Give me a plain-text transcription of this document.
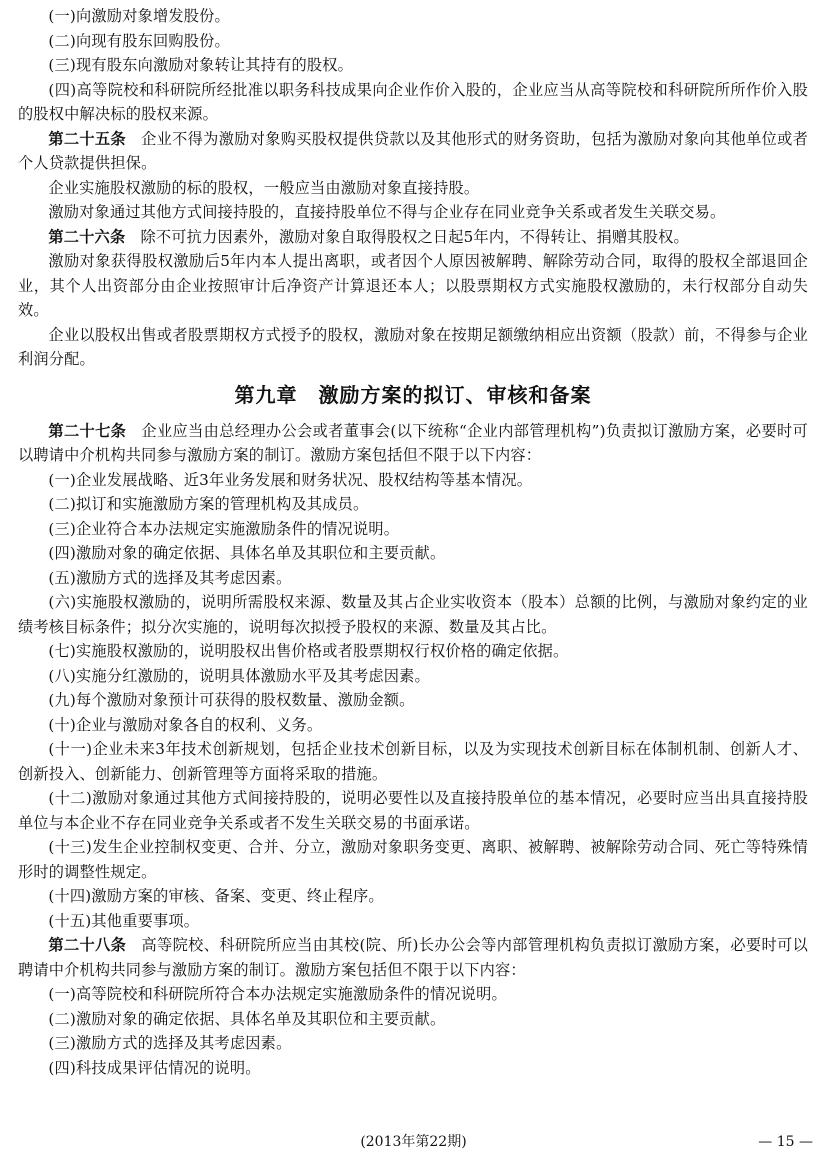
(一)向激励对象增发股份。

(二)向现有股东回购股份。

(三)现有股东向激励对象转让其持有的股权。

(四)高等院校和科研院所经批准以职务科技成果向企业作价入股的，企业应当从高等院校和科研院所所作价入股的股权中解决标的股权来源。

第二十五条 企业不得为激励对象购买股权提供贷款以及其他形式的财务资助，包括为激励对象向其他单位或者个人贷款提供担保。

企业实施股权激励的标的股权，一般应当由激励对象直接持股。

激励对象通过其他方式间接持股的，直接持股单位不得与企业存在同业竞争关系或者发生关联交易。

第二十六条 除不可抗力因素外，激励对象自取得股权之日起5年内，不得转让、捐赠其股权。

激励对象获得股权激励后5年内本人提出离职，或者因个人原因被解聘、解除劳动合同，取得的股权全部退回企业，其个人出资部分由企业按照审计后净资产计算退还本人；以股票期权方式实施股权激励的，未行权部分自动失效。

企业以股权出售或者股票期权方式授予的股权，激励对象在按期足额缴纳相应出资额（股款）前，不得参与企业利润分配。

第九章　激励方案的拟订、审核和备案

第二十七条 企业应当由总经理办公会或者董事会(以下统称“企业内部管理机构”)负责拟订激励方案，必要时可以聘请中介机构共同参与激励方案的制订。激励方案包括但不限于以下内容：

(一)企业发展战略、近3年业务发展和财务状况、股权结构等基本情况。

(二)拟订和实施激励方案的管理机构及其成员。

(三)企业符合本办法规定实施激励条件的情况说明。

(四)激励对象的确定依据、具体名单及其职位和主要贡献。

(五)激励方式的选择及其考虑因素。

(六)实施股权激励的，说明所需股权来源、数量及其占企业实收资本（股本）总额的比例，与激励对象约定的业绩考核目标条件；拟分次实施的，说明每次拟授予股权的来源、数量及其占比。

(七)实施股权激励的，说明股权出售价格或者股票期权行权价格的确定依据。

(八)实施分红激励的，说明具体激励水平及其考虑因素。

(九)每个激励对象预计可获得的股权数量、激励金额。

(十)企业与激励对象各自的权利、义务。

(十一)企业未来3年技术创新规划，包括企业技术创新目标，以及为实现技术创新目标在体制机制、创新人才、创新投入、创新能力、创新管理等方面将采取的措施。

(十二)激励对象通过其他方式间接持股的，说明必要性以及直接持股单位的基本情况，必要时应当出具直接持股单位与本企业不存在同业竞争关系或者不发生关联交易的书面承诺。

(十三)发生企业控制权变更、合并、分立，激励对象职务变更、离职、被解聘、被解除劳动合同、死亡等特殊情形时的调整性规定。

(十四)激励方案的审核、备案、变更、终止程序。

(十五)其他重要事项。

第二十八条 高等院校、科研院所应当由其校(院、所)长办公会等内部管理机构负责拟订激励方案，必要时可以聘请中介机构共同参与激励方案的制订。激励方案包括但不限于以下内容：

(一)高等院校和科研院所符合本办法规定实施激励条件的情况说明。

(二)激励对象的确定依据、具体名单及其职位和主要贡献。

(三)激励方式的选择及其考虑因素。

(四)科技成果评估情况的说明。

(2013年第22期)	— 15 —
